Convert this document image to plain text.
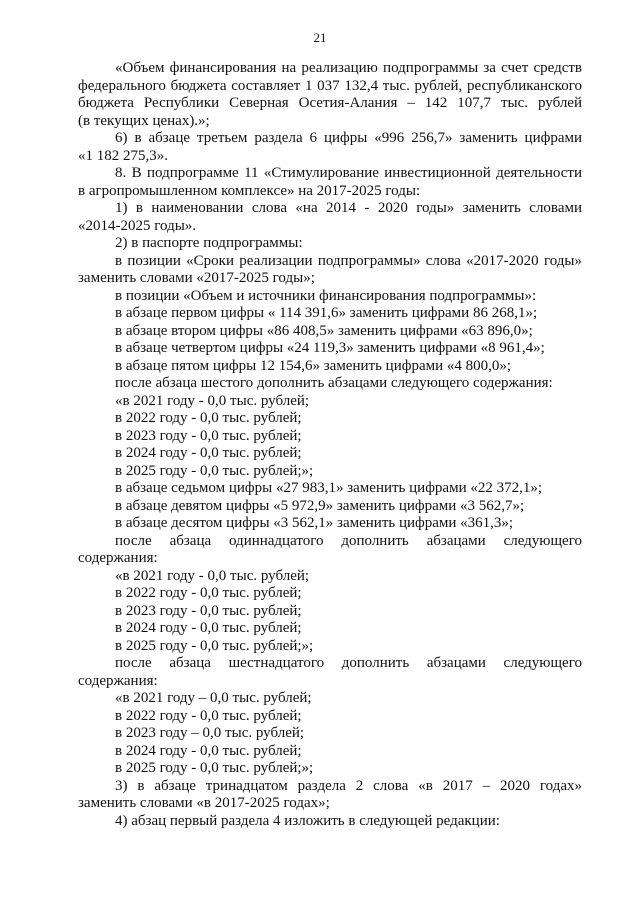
21
«Объем финансирования на реализацию подпрограммы за счет средств
федерального бюджета составляет 1 037 132,4 тыс. рублей, республиканского
бюджета Республики Северная Осетия-Алания – 142 107,7 тыс. рублей
(в текущих ценах).»;
6) в абзаце третьем раздела 6 цифры «996 256,7» заменить цифрами
«1 182 275,3».
8. В подпрограмме 11 «Стимулирование инвестиционной деятельности
в агропромышленном комплексе» на 2017-2025 годы:
1) в наименовании слова «на 2014 - 2020 годы» заменить словами
«2014-2025 годы».
2) в паспорте подпрограммы:
в позиции «Сроки реализации подпрограммы» слова «2017-2020 годы»
заменить словами «2017-2025 годы»;
в позиции «Объем и источники финансирования подпрограммы»:
в абзаце первом цифры « 114 391,6» заменить цифрами 86 268,1»;
в абзаце втором цифры «86 408,5» заменить цифрами «63 896,0»;
в абзаце четвертом цифры «24 119,3» заменить цифрами «8 961,4»;
в абзаце пятом цифры 12 154,6» заменить цифрами «4 800,0»;
после абзаца шестого дополнить абзацами следующего содержания:
«в 2021 году - 0,0 тыс. рублей;
в 2022 году - 0,0 тыс. рублей;
в 2023 году - 0,0 тыс. рублей;
в 2024 году - 0,0 тыс. рублей;
в 2025 году - 0,0 тыс. рублей;»;
в абзаце седьмом цифры «27 983,1» заменить цифрами «22 372,1»;
в абзаце девятом цифры «5 972,9» заменить цифрами «3 562,7»;
в абзаце десятом цифры «3 562,1» заменить цифрами «361,3»;
после абзаца одиннадцатого дополнить абзацами следующего
содержания:
«в 2021 году - 0,0 тыс. рублей;
в 2022 году - 0,0 тыс. рублей;
в 2023 году - 0,0 тыс. рублей;
в 2024 году - 0,0 тыс. рублей;
в 2025 году - 0,0 тыс. рублей;»;
после абзаца шестнадцатого дополнить абзацами следующего
содержания:
«в 2021 году – 0,0 тыс. рублей;
в 2022 году - 0,0 тыс. рублей;
в 2023 году – 0,0 тыс. рублей;
в 2024 году - 0,0 тыс. рублей;
в 2025 году - 0,0 тыс. рублей;»;
3) в абзаце тринадцатом раздела 2 слова «в 2017 – 2020 годах»
заменить словами «в 2017-2025 годах»;
4) абзац первый раздела 4 изложить в следующей редакции:
